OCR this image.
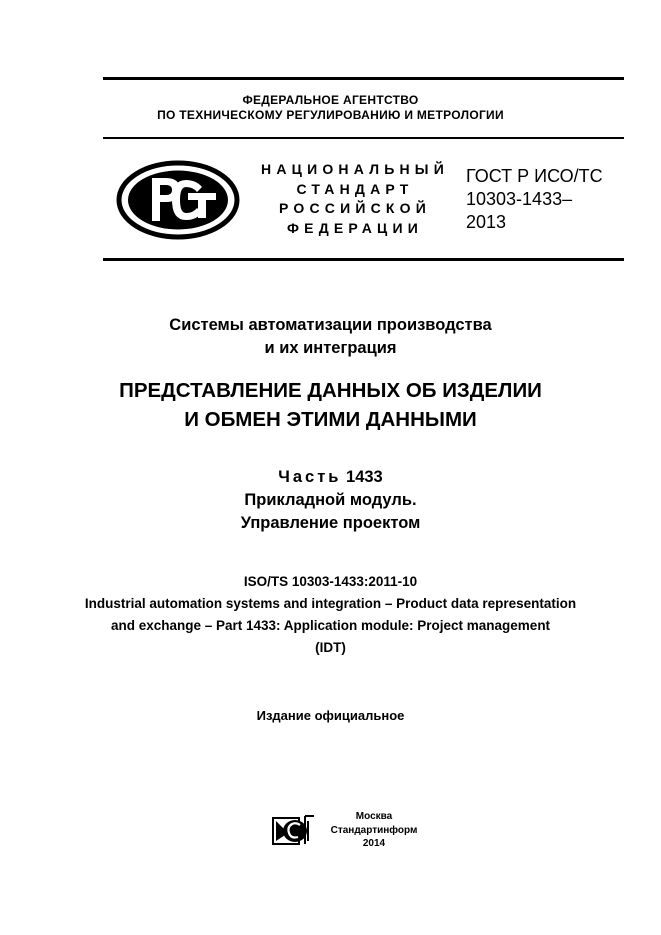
ФЕДЕРАЛЬНОЕ АГЕНТСТВО
ПО ТЕХНИЧЕСКОМУ РЕГУЛИРОВАНИЮ И МЕТРОЛОГИИ
НАЦИОНАЛЬНЫЙ
СТАНДАРТ
РОССИЙСКОЙ
ФЕДЕРАЦИИ
ГОСТ Р ИСО/ТС
10303-1433–
2013
Системы автоматизации производства
и их интеграция
ПРЕДСТАВЛЕНИЕ ДАННЫХ ОБ ИЗДЕЛИИ
И ОБМЕН ЭТИМИ ДАННЫМИ
Часть 1433
Прикладной модуль.
Управление проектом
ISO/TS 10303-1433:2011-10
Industrial automation systems and integration – Product data representation
and exchange – Part 1433: Application module: Project management
(IDT)
Издание официальное
Москва
Стандартинформ
2014
